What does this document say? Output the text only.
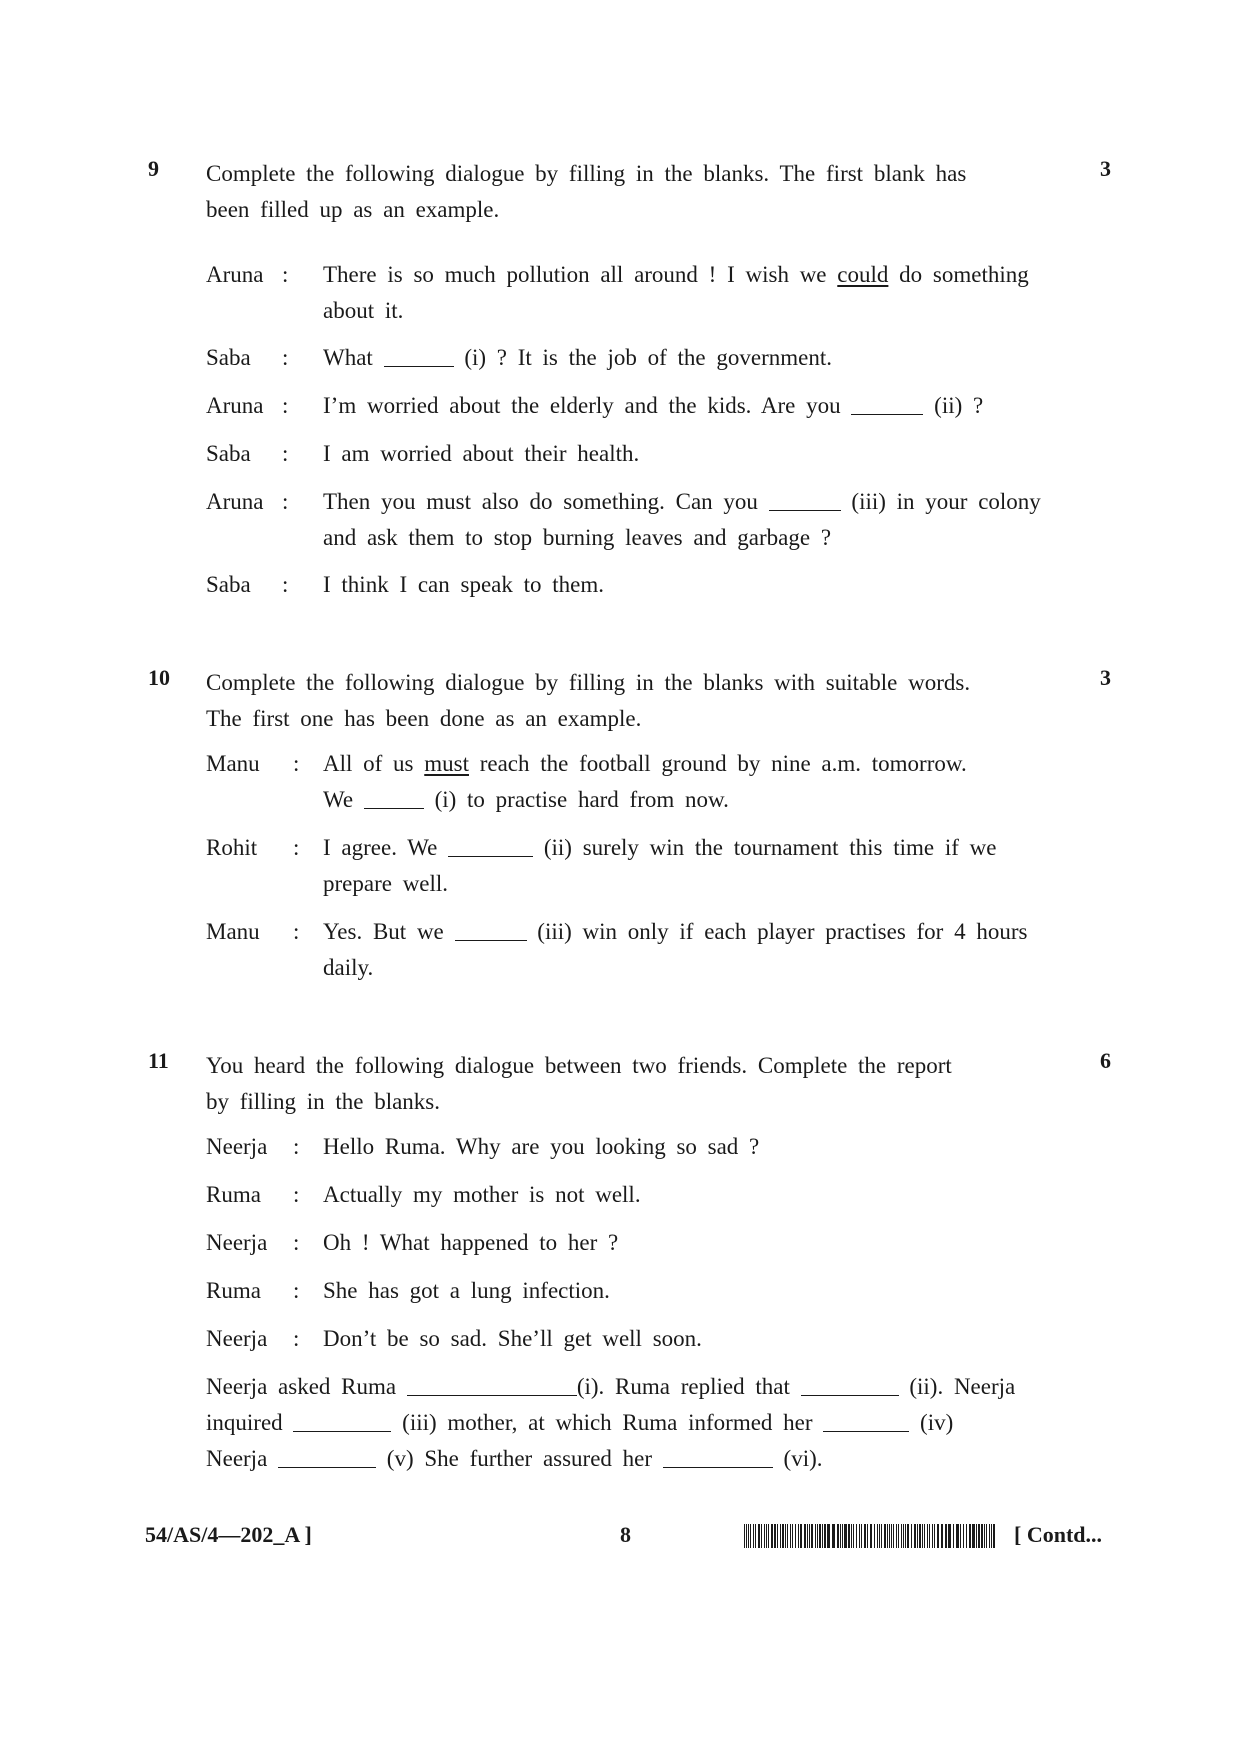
9	3
Complete the following dialogue by filling in the blanks. The first blank has
been filled up as an example.
Aruna : There is so much pollution all around ! I wish we could do something
about it.
Saba : What	(i) ? It is the job of the government.
Aruna : I’m worried about the elderly and the kids. Are you	(ii) ?
Saba : I am worried about their health.
Aruna : Then you must also do something. Can you	(iii) in your colony
and ask them to stop burning leaves and garbage ?
Saba : I think I can speak to them.
10	3
Complete the following dialogue by filling in the blanks with suitable words.
The first one has been done as an example.
Manu : All of us must reach the football ground by nine a.m. tomorrow.
We	(i) to practise hard from now.
Rohit : I agree. We	(ii) surely win the tournament this time if we
prepare well.
Manu : Yes. But we	(iii) win only if each player practises for 4 hours
daily.
11	6
You heard the following dialogue between two friends. Complete the report
by filling in the blanks.
Neerja : Hello Ruma. Why are you looking so sad ?
Ruma : Actually my mother is not well.
Neerja : Oh ! What happened to her ?
Ruma : She has got a lung infection.
Neerja : Don’t be so sad. She’ll get well soon.
Neerja asked Ruma	(i). Ruma replied that	(ii). Neerja
inquired	(iii) mother, at which Ruma informed her	(iv)
Neerja	(v) She further assured her	(vi).
54/AS/4—202_A ]	8	[ Contd...
